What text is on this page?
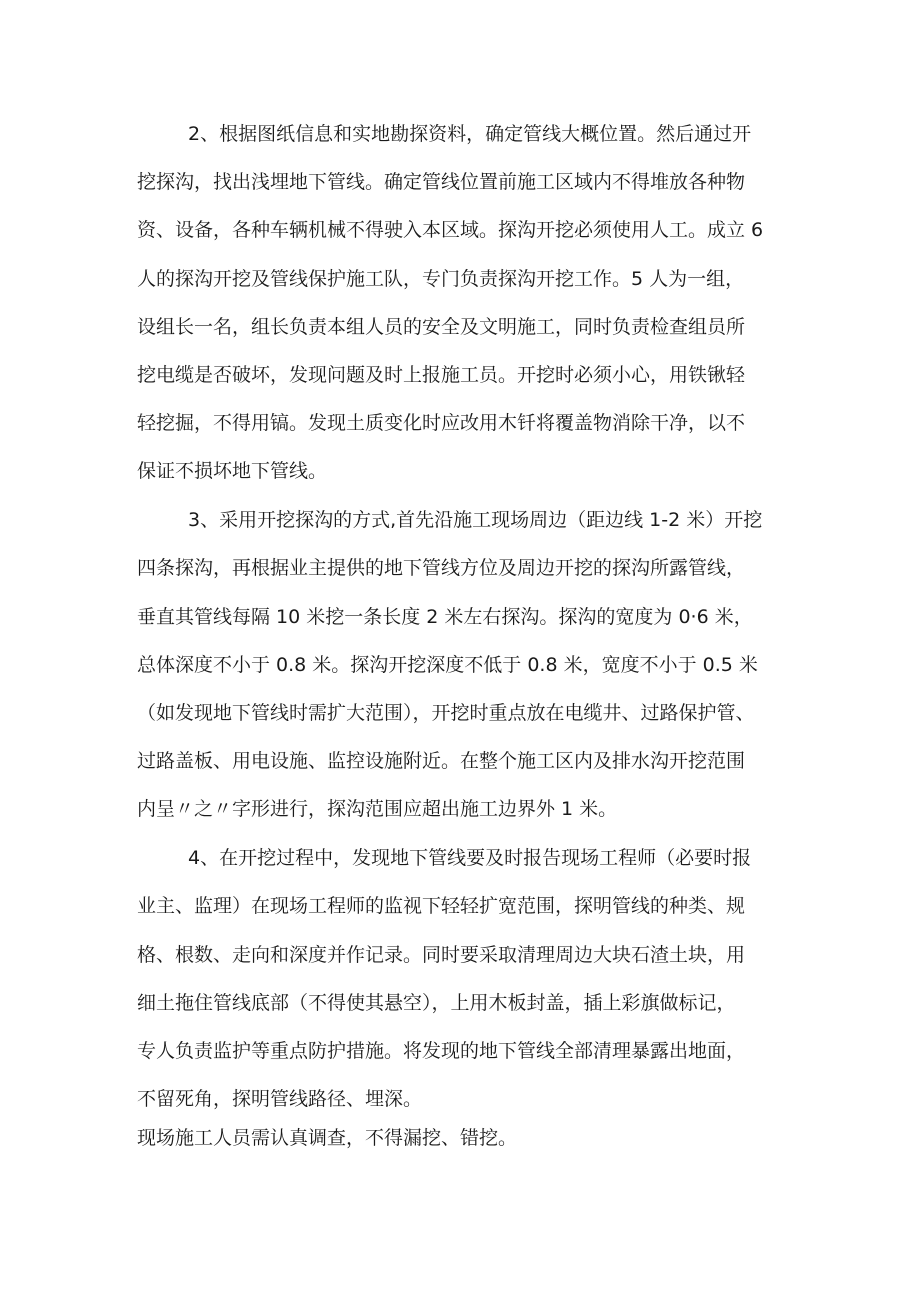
2、根据图纸信息和实地勘探资料，确定管线大概位置。然后通过开
挖探沟，找出浅埋地下管线。确定管线位置前施工区域内不得堆放各种物
资、设备，各种车辆机械不得驶入本区域。探沟开挖必须使用人工。成立 6
人的探沟开挖及管线保护施工队，专门负责探沟开挖工作。5 人为一组，
设组长一名，组长负责本组人员的安全及文明施工，同时负责检查组员所
挖电缆是否破坏，发现问题及时上报施工员。开挖时必须小心，用铁锹轻
轻挖掘，不得用镐。发现土质变化时应改用木钎将覆盖物消除干净，以不
保证不损坏地下管线。
3、采用开挖探沟的方式,首先沿施工现场周边（距边线 1-2 米）开挖
四条探沟，再根据业主提供的地下管线方位及周边开挖的探沟所露管线，
垂直其管线每隔 10 米挖一条长度 2 米左右探沟。探沟的宽度为 0·6 米，
总体深度不小于 0.8 米。探沟开挖深度不低于 0.8 米，宽度不小于 0.5 米
（如发现地下管线时需扩大范围），开挖时重点放在电缆井、过路保护管、
过路盖板、用电设施、监控设施附近。在整个施工区内及排水沟开挖范围
内呈〃之〃字形进行，探沟范围应超出施工边界外 1 米。
4、在开挖过程中，发现地下管线要及时报告现场工程师（必要时报
业主、监理）在现场工程师的监视下轻轻扩宽范围，探明管线的种类、规
格、根数、走向和深度并作记录。同时要采取清理周边大块石渣土块，用
细土拖住管线底部（不得使其悬空），上用木板封盖，插上彩旗做标记，
专人负责监护等重点防护措施。将发现的地下管线全部清理暴露出地面，
不留死角，探明管线路径、埋深。
现场施工人员需认真调查，不得漏挖、错挖。
